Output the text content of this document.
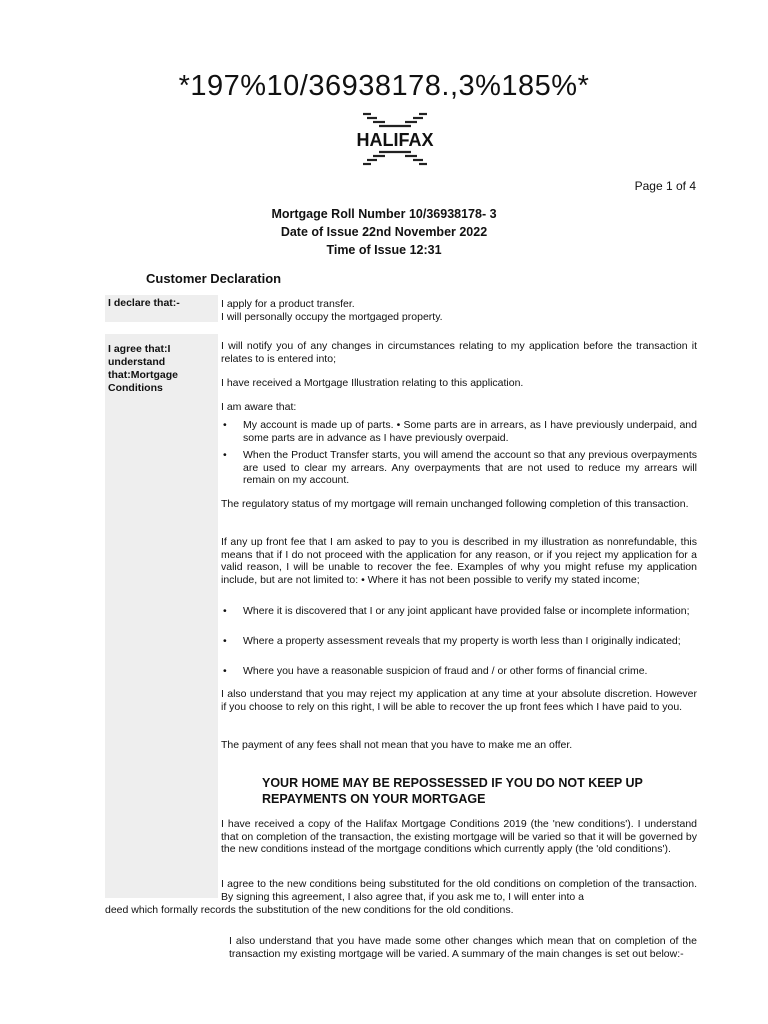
*197%10/36938178.,3%185%*
HALIFAX
Page 1 of 4
Mortgage Roll Number 10/36938178- 3
Date of Issue 22nd November 2022
Time of Issue 12:31
Customer Declaration
I declare that:-
I agree that:I understand that:Mortgage Conditions
I apply for a product transfer.
I will personally occupy the mortgaged property.
I will notify you of any changes in circumstances relating to my application before the transaction it relates to is entered into;
I have received a Mortgage Illustration relating to this application.
I am aware that:
• My account is made up of parts. • Some parts are in arrears, as I have previously underpaid, and some parts are in advance as I have previously overpaid.
• When the Product Transfer starts, you will amend the account so that any previous overpayments are used to clear my arrears. Any overpayments that are not used to reduce my arrears will remain on my account.
The regulatory status of my mortgage will remain unchanged following completion of this transaction.
If any up front fee that I am asked to pay to you is described in my illustration as nonrefundable, this means that if I do not proceed with the application for any reason, or if you reject my application for a valid reason, I will be unable to recover the fee. Examples of why you might refuse my application include, but are not limited to: • Where it has not been possible to verify my stated income;
• Where it is discovered that I or any joint applicant have provided false or incomplete information;
• Where a property assessment reveals that my property is worth less than I originally indicated;
• Where you have a reasonable suspicion of fraud and / or other forms of financial crime.
I also understand that you may reject my application at any time at your absolute discretion. However if you choose to rely on this right, I will be able to recover the up front fees which I have paid to you.
The payment of any fees shall not mean that you have to make me an offer.
YOUR HOME MAY BE REPOSSESSED IF YOU DO NOT KEEP UP REPAYMENTS ON YOUR MORTGAGE
I have received a copy of the Halifax Mortgage Conditions 2019 (the 'new conditions'). I understand that on completion of the transaction, the existing mortgage will be varied so that it will be governed by the new conditions instead of the mortgage conditions which currently apply (the 'old conditions').
I agree to the new conditions being substituted for the old conditions on completion of the transaction. By signing this agreement, I also agree that, if you ask me to, I will enter into a
deed which formally records the substitution of the new conditions for the old conditions.
I also understand that you have made some other changes which mean that on completion of the transaction my existing mortgage will be varied. A summary of the main changes is set out below:-
